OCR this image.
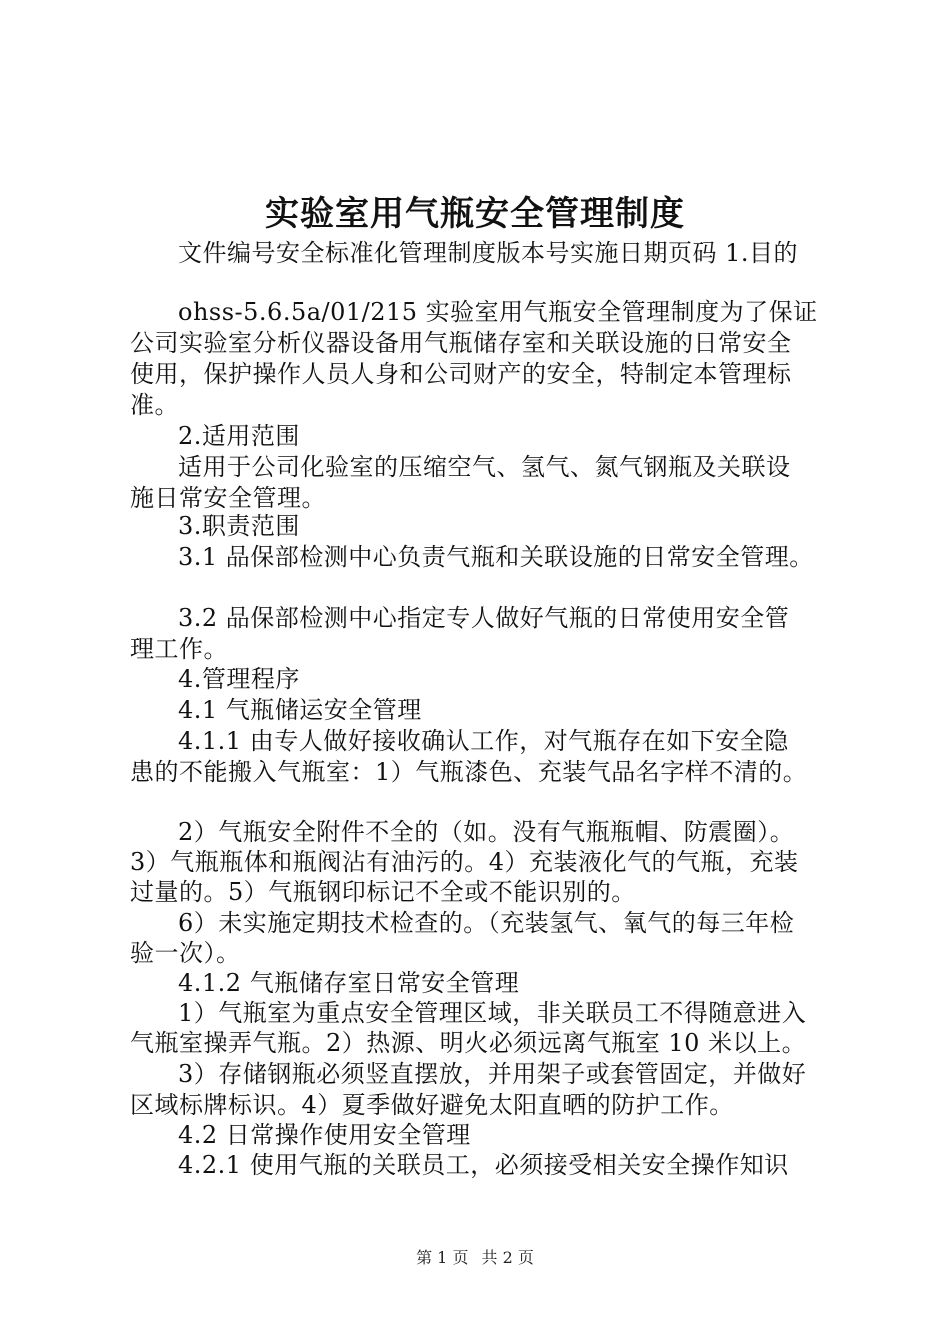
实验室用气瓶安全管理制度
文件编号安全标准化管理制度版本号实施日期页码 1.目的
ohss-5.6.5a/01/215 实验室用气瓶安全管理制度为了保证
公司实验室分析仪器设备用气瓶储存室和关联设施的日常安全
使用，保护操作人员人身和公司财产的安全，特制定本管理标
准。
2.适用范围
适用于公司化验室的压缩空气、氢气、氮气钢瓶及关联设
施日常安全管理。
3.职责范围
3.1 品保部检测中心负责气瓶和关联设施的日常安全管理。
3.2 品保部检测中心指定专人做好气瓶的日常使用安全管
理工作。
4.管理程序
4.1 气瓶储运安全管理
4.1.1 由专人做好接收确认工作，对气瓶存在如下安全隐
患的不能搬入气瓶室：1）气瓶漆色、充装气品名字样不清的。
2）气瓶安全附件不全的（如。没有气瓶瓶帽、防震圈）。
3）气瓶瓶体和瓶阀沾有油污的。4）充装液化气的气瓶，充装
过量的。5）气瓶钢印标记不全或不能识别的。
6）未实施定期技术检查的。（充装氢气、氧气的每三年检
验一次）。
4.1.2 气瓶储存室日常安全管理
1）气瓶室为重点安全管理区域，非关联员工不得随意进入
气瓶室操弄气瓶。2）热源、明火必须远离气瓶室 10 米以上。
3）存储钢瓶必须竖直摆放，并用架子或套管固定，并做好
区域标牌标识。4）夏季做好避免太阳直晒的防护工作。
4.2 日常操作使用安全管理
4.2.1 使用气瓶的关联员工，必须接受相关安全操作知识
第 1 页 共 2 页
